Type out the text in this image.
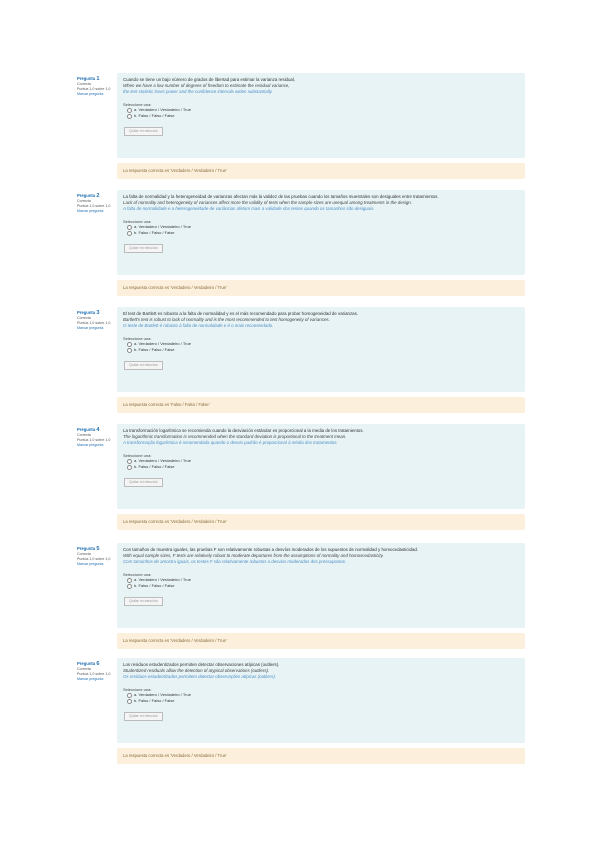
Pregunta 1
Correcta
Puntúa 1,0 sobre 1,0
Marcar pregunta
Cuando se tiene un bajo número de grados de libertad para estimar la varianza residual,
When we have a low number of degrees of freedom to estimate the residual variance,
the test statistic loses power and the confidence intervals widen substantially.
Seleccione una:
a. Verdadero / Verdadeiro / True
b. Falso / Falso / False
Quitar mi elección
La respuesta correcta es 'Verdadero / Verdadeiro / True'
Pregunta 2
Correcta
Puntúa 1,0 sobre 1,0
Marcar pregunta
La falta de normalidad y la heterogeneidad de varianzas afectan más la validez de las pruebas cuando los tamaños muestrales son desiguales entre tratamientos.
Lack of normality and heterogeneity of variances affect more the validity of tests when the sample sizes are unequal among treatments in the design.
A falta de normalidade e a heterogeneidade de variâncias afetam mais a validade dos testes quando os tamanhos são desiguais.
Seleccione una:
a. Verdadero / Verdadeiro / True
b. Falso / Falso / False
Quitar mi elección
La respuesta correcta es 'Verdadero / Verdadeiro / True'
Pregunta 3
Correcta
Puntúa 1,0 sobre 1,0
Marcar pregunta
El test de Bartlett es robusto a la falta de normalidad y es el más recomendado para probar homogeneidad de varianzas.
Bartlett's test is robust to lack of normality and is the most recommended to test homogeneity of variances.
O teste de Bartlett é robusto à falta de normalidade e é o mais recomendado.
Seleccione una:
a. Verdadero / Verdadeiro / True
b. Falso / Falso / False
Quitar mi elección
La respuesta correcta es 'Falso / Falso / False'
Pregunta 4
Correcta
Puntúa 1,0 sobre 1,0
Marcar pregunta
La transformación logarítmica se recomienda cuando la desviación estándar es proporcional a la media de los tratamientos.
The logarithmic transformation is recommended when the standard deviation is proportional to the treatment mean.
A transformação logarítmica é recomendada quando o desvio padrão é proporcional à média dos tratamentos.
Seleccione una:
a. Verdadero / Verdadeiro / True
b. Falso / Falso / False
Quitar mi elección
La respuesta correcta es 'Verdadero / Verdadeiro / True'
Pregunta 5
Correcta
Puntúa 1,0 sobre 1,0
Marcar pregunta
Con tamaños de muestra iguales, las pruebas F son relativamente robustas a desvíos moderados de los supuestos de normalidad y homocedasticidad.
With equal sample sizes, F tests are relatively robust to moderate departures from the assumptions of normality and homoscedasticity.
Com tamanhos de amostra iguais, os testes F são relativamente robustos a desvios moderados dos pressupostos.
Seleccione una:
a. Verdadero / Verdadeiro / True
b. Falso / Falso / False
Quitar mi elección
La respuesta correcta es 'Verdadero / Verdadeiro / True'
Pregunta 6
Correcta
Puntúa 1,0 sobre 1,0
Marcar pregunta
Los residuos estudentizados permiten detectar observaciones atípicas (outliers).
Studentized residuals allow the detection of atypical observations (outliers).
Os resíduos estudentizados permitem detectar observações atípicas (outliers).
Seleccione una:
a. Verdadero / Verdadeiro / True
b. Falso / Falso / False
Quitar mi elección
La respuesta correcta es 'Verdadero / Verdadeiro / True'
